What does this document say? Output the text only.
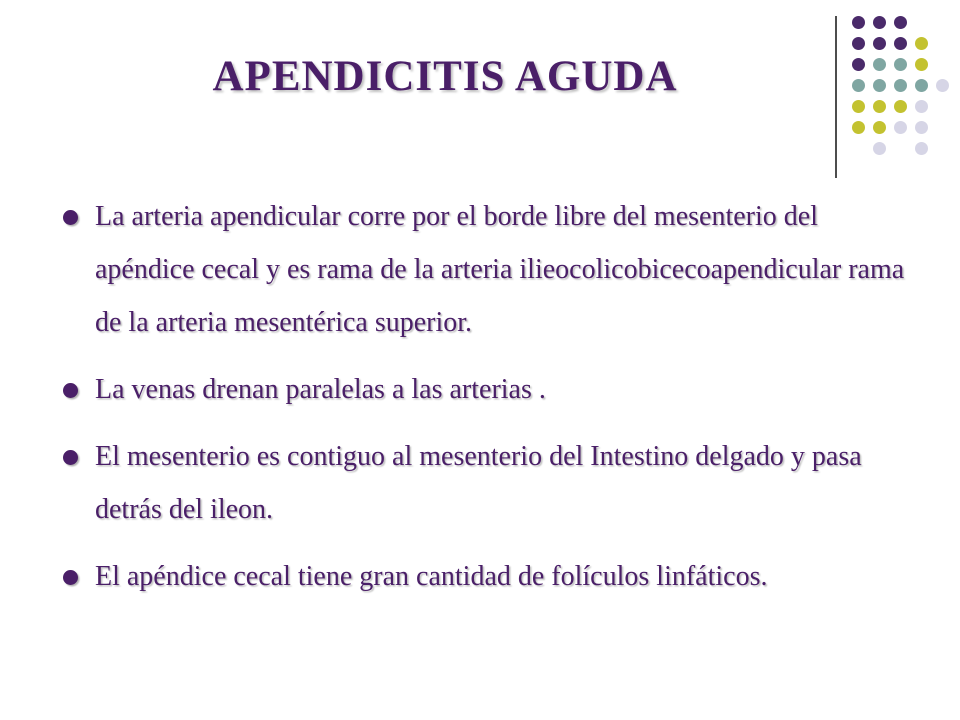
APENDICITIS AGUDA
La arteria apendicular corre por el borde libre del mesenterio del apéndice cecal y es rama de la arteria ilieocolicobicecoapendicular rama de la arteria mesentérica superior.
La venas drenan paralelas a las arterias .
El mesenterio es contiguo al mesenterio del Intestino delgado y pasa detrás del ileon.
El apéndice cecal tiene gran cantidad de folículos linfáticos.
